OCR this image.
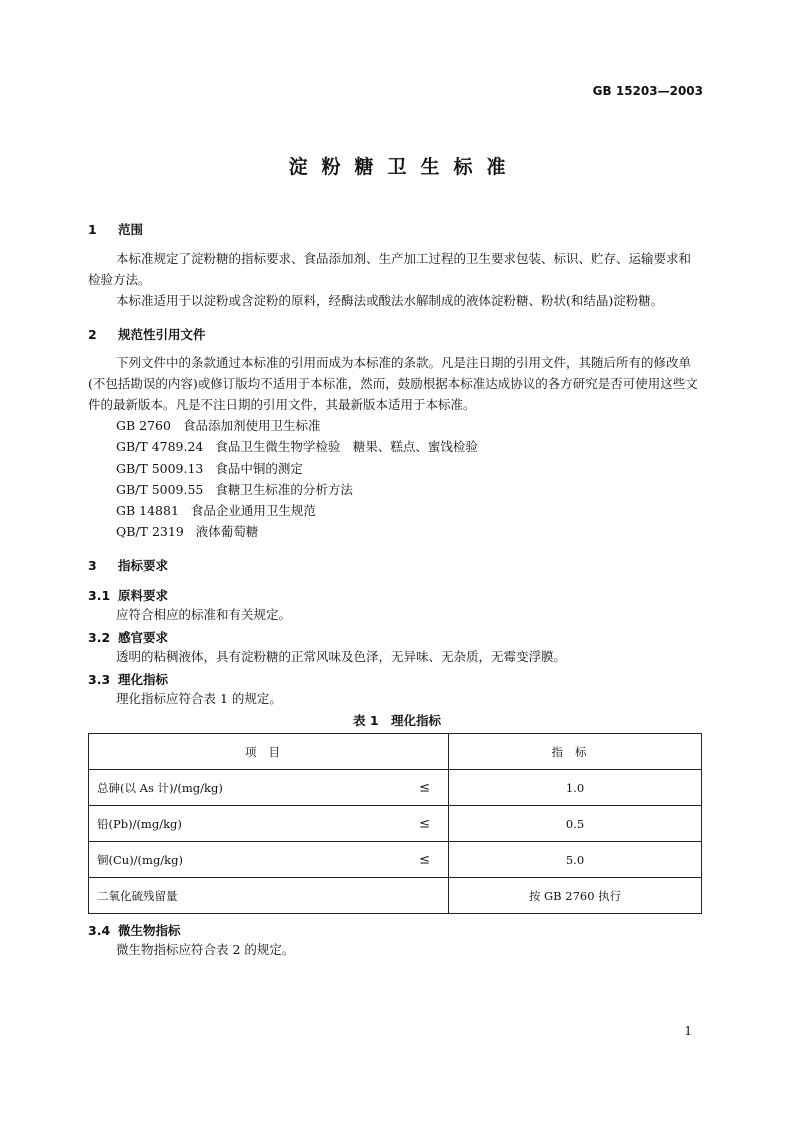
GB 15203—2003
淀粉糖卫生标准
1 范围
本标准规定了淀粉糖的指标要求、食品添加剂、生产加工过程的卫生要求包装、标识、贮存、运输要求和检验方法。
本标准适用于以淀粉或含淀粉的原料，经酶法或酸法水解制成的液体淀粉糖、粉状(和结晶)淀粉糖。
2 规范性引用文件
下列文件中的条款通过本标准的引用而成为本标准的条款。凡是注日期的引用文件，其随后所有的修改单(不包括勘误的内容)或修订版均不适用于本标准，然而，鼓励根据本标准达成协议的各方研究是否可使用这些文件的最新版本。凡是不注日期的引用文件，其最新版本适用于本标准。
GB 2760 食品添加剂使用卫生标准
GB/T 4789.24 食品卫生微生物学检验　糖果、糕点、蜜饯检验
GB/T 5009.13 食品中铜的测定
GB/T 5009.55 食糖卫生标准的分析方法
GB 14881 食品企业通用卫生规范
QB/T 2319 液体葡萄糖
3 指标要求
3.1 原料要求
应符合相应的标准和有关规定。
3.2 感官要求
透明的粘稠液体，具有淀粉糖的正常风味及色泽，无异味、无杂质，无霉变浮膜。
3.3 理化指标
理化指标应符合表 1 的规定。
表 1　理化指标
项目	指标
总砷(以 As 计)/(mg/kg) ≤	1.0
铅(Pb)/(mg/kg) ≤	0.5
铜(Cu)/(mg/kg) ≤	5.0
二氧化硫残留量	按 GB 2760 执行
3.4 微生物指标
微生物指标应符合表 2 的规定。
1
